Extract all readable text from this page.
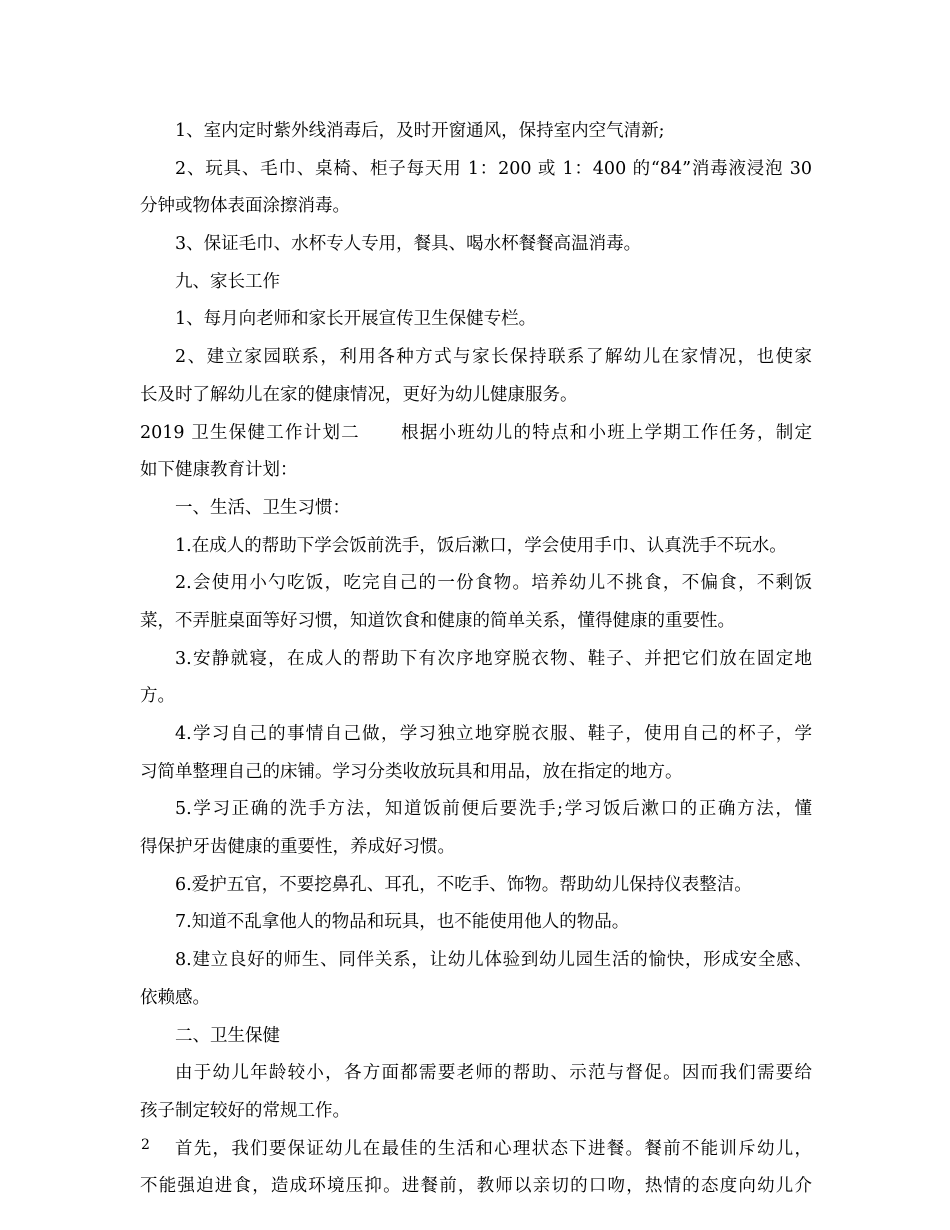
1、室内定时紫外线消毒后，及时开窗通风，保持室内空气清新;
2、玩具、毛巾、桌椅、柜子每天用 1：200 或 1：400 的“84”消毒液浸泡 30
分钟或物体表面涂擦消毒。
3、保证毛巾、水杯专人专用，餐具、喝水杯餐餐高温消毒。
九、家长工作
1、每月向老师和家长开展宣传卫生保健专栏。
2、建立家园联系，利用各种方式与家长保持联系了解幼儿在家情况，也使家
长及时了解幼儿在家的健康情况，更好为幼儿健康服务。
2019 卫生保健工作计划二 根据小班幼儿的特点和小班上学期工作任务，制定
如下健康教育计划：
一、生活、卫生习惯：
1.在成人的帮助下学会饭前洗手，饭后漱口，学会使用手巾、认真洗手不玩水。
2.会使用小勺吃饭，吃完自己的一份食物。培养幼儿不挑食，不偏食，不剩饭
菜，不弄脏桌面等好习惯，知道饮食和健康的简单关系，懂得健康的重要性。
3.安静就寝，在成人的帮助下有次序地穿脱衣物、鞋子、并把它们放在固定地
方。
4.学习自己的事情自己做，学习独立地穿脱衣服、鞋子，使用自己的杯子，学
习简单整理自己的床铺。学习分类收放玩具和用品，放在指定的地方。
5.学习正确的洗手方法，知道饭前便后要洗手;学习饭后漱口的正确方法，懂
得保护牙齿健康的重要性，养成好习惯。
6.爱护五官，不要挖鼻孔、耳孔，不吃手、饰物。帮助幼儿保持仪表整洁。
7.知道不乱拿他人的物品和玩具，也不能使用他人的物品。
8.建立良好的师生、同伴关系，让幼儿体验到幼儿园生活的愉快，形成安全感、
依赖感。
二、卫生保健
由于幼儿年龄较小，各方面都需要老师的帮助、示范与督促。因而我们需要给
孩子制定较好的常规工作。
首先，我们要保证幼儿在最佳的生活和心理状态下进餐。餐前不能训斥幼儿，
不能强迫进食，造成环境压抑。进餐前，教师以亲切的口吻，热情的态度向幼儿介
2
